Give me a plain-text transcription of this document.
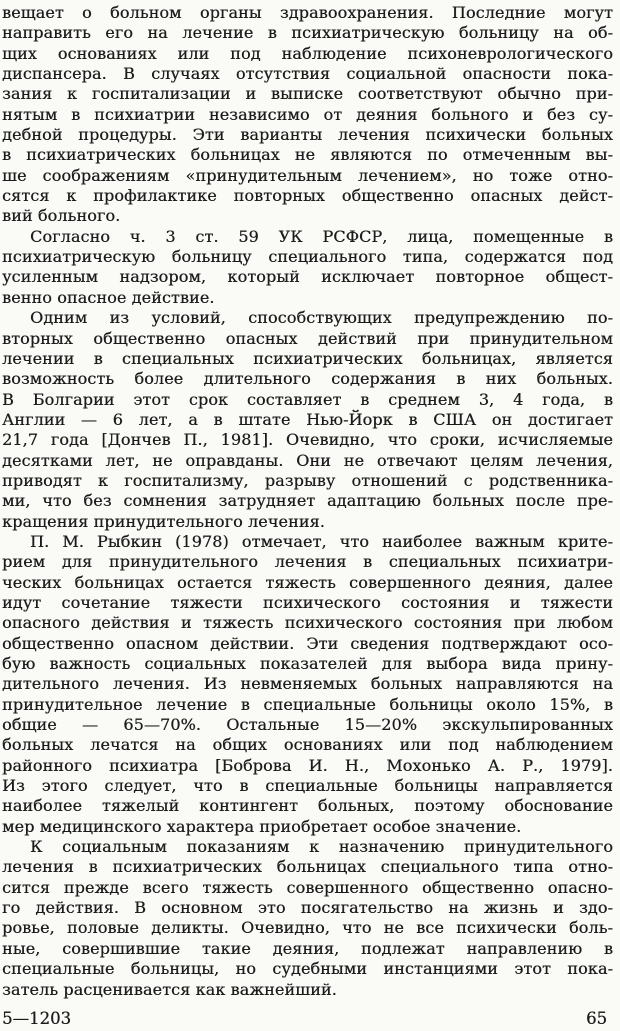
вещает о больном органы здравоохранения. Последние могут
направить его на лечение в психиатрическую больницу на об-
щих основаниях или под наблюдение психоневрологического
диспансера. В случаях отсутствия социальной опасности пока-
зания к госпитализации и выписке соответствуют обычно при-
нятым в психиатрии независимо от деяния больного и без су-
дебной процедуры. Эти варианты лечения психически больных
в психиатрических больницах не являются по отмеченным вы-
ше соображениям «принудительным лечением», но тоже отно-
сятся к профилактике повторных общественно опасных дейст-
вий больного.
Согласно ч. 3 ст. 59 УК РСФСР, лица, помещенные в
психиатрическую больницу специального типа, содержатся под
усиленным надзором, который исключает повторное общест-
венно опасное действие.
Одним из условий, способствующих предупреждению по-
вторных общественно опасных действий при принудительном
лечении в специальных психиатрических больницах, является
возможность более длительного содержания в них больных.
В Болгарии этот срок составляет в среднем 3, 4 года, в
Англии — 6 лет, а в штате Нью-Йорк в США он достигает
21,7 года [Дончев П., 1981]. Очевидно, что сроки, исчисляемые
десятками лет, не оправданы. Они не отвечают целям лечения,
приводят к госпитализму, разрыву отношений с родственника-
ми, что без сомнения затрудняет адаптацию больных после пре-
кращения принудительного лечения.
П. М. Рыбкин (1978) отмечает, что наиболее важным крите-
рием для принудительного лечения в специальных психиатри-
ческих больницах остается тяжесть совершенного деяния, далее
идут сочетание тяжести психического состояния и тяжести
опасного действия и тяжесть психического состояния при любом
общественно опасном действии. Эти сведения подтверждают осо-
бую важность социальных показателей для выбора вида прину-
дительного лечения. Из невменяемых больных направляются на
принудительное лечение в специальные больницы около 15%, в
общие — 65—70%. Остальные 15—20% экскульпированных
больных лечатся на общих основаниях или под наблюдением
районного психиатра [Боброва И. Н., Мохонько А. Р., 1979].
Из этого следует, что в специальные больницы направляется
наиболее тяжелый контингент больных, поэтому обоснование
мер медицинского характера приобретает особое значение.
К социальным показаниям к назначению принудительного
лечения в психиатрических больницах специального типа отно-
сится прежде всего тяжесть совершенного общественно опасно-
го действия. В основном это посягательство на жизнь и здо-
ровье, половые деликты. Очевидно, что не все психически боль-
ные, совершившие такие деяния, подлежат направлению в
специальные больницы, но судебными инстанциями этот пока-
затель расценивается как важнейший.
5—1203	65
